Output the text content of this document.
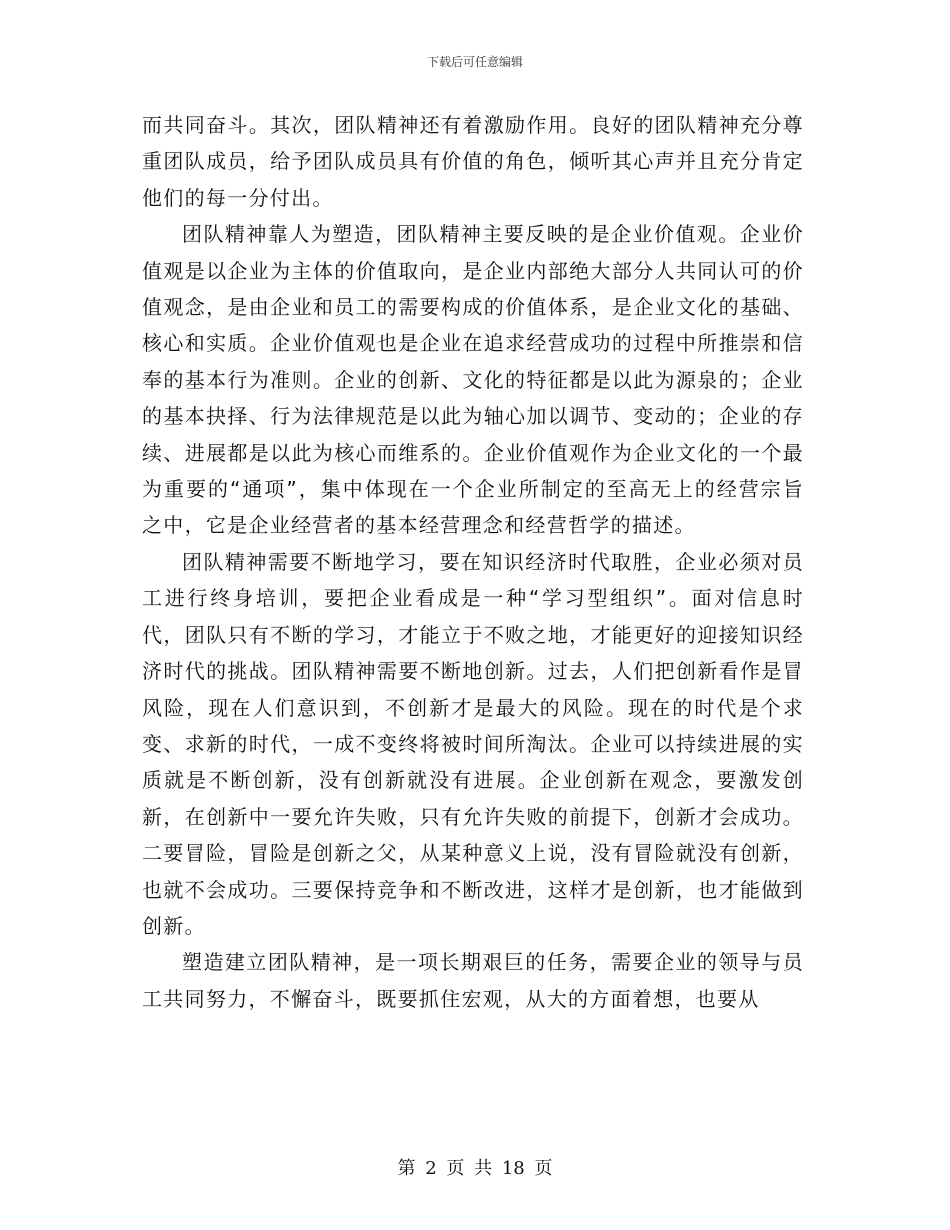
下载后可任意编辑

而共同奋斗。其次，团队精神还有着激励作用。良好的团队精神充分尊重团队成员，给予团队成员具有价值的角色，倾听其心声并且充分肯定他们的每一分付出。

团队精神靠人为塑造，团队精神主要反映的是企业价值观。企业价值观是以企业为主体的价值取向，是企业内部绝大部分人共同认可的价值观念，是由企业和员工的需要构成的价值体系，是企业文化的基础、核心和实质。企业价值观也是企业在追求经营成功的过程中所推崇和信奉的基本行为准则。企业的创新、文化的特征都是以此为源泉的；企业的基本抉择、行为法律规范是以此为轴心加以调节、变动的；企业的存续、进展都是以此为核心而维系的。企业价值观作为企业文化的一个最为重要的“通项”，集中体现在一个企业所制定的至高无上的经营宗旨之中，它是企业经营者的基本经营理念和经营哲学的描述。

团队精神需要不断地学习，要在知识经济时代取胜，企业必须对员工进行终身培训，要把企业看成是一种“学习型组织”。面对信息时代，团队只有不断的学习，才能立于不败之地，才能更好的迎接知识经济时代的挑战。团队精神需要不断地创新。过去，人们把创新看作是冒风险，现在人们意识到，不创新才是最大的风险。现在的时代是个求变、求新的时代，一成不变终将被时间所淘汰。企业可以持续进展的实质就是不断创新，没有创新就没有进展。企业创新在观念，要激发创新，在创新中一要允许失败，只有允许失败的前提下，创新才会成功。二要冒险，冒险是创新之父，从某种意义上说，没有冒险就没有创新，也就不会成功。三要保持竞争和不断改进，这样才是创新，也才能做到创新。

塑造建立团队精神，是一项长期艰巨的任务，需要企业的领导与员工共同努力，不懈奋斗，既要抓住宏观，从大的方面着想，也要从

第 2 页 共 18 页
